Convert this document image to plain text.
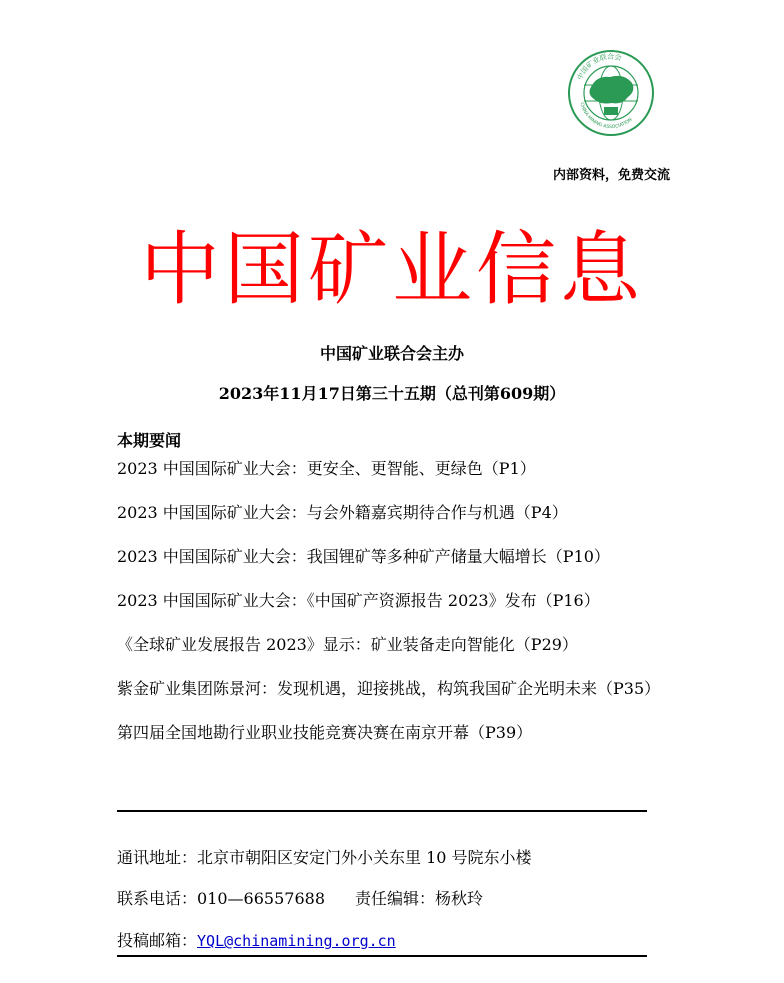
中国矿业联合会
CHINA MINING ASSOCIATION
内部资料，免费交流
中国矿业信息
中国矿业联合会主办
2023年11月17日第三十五期（总刊第609期）
本期要闻
2023 中国国际矿业大会：更安全、更智能、更绿色（P1）
2023 中国国际矿业大会：与会外籍嘉宾期待合作与机遇（P4）
2023 中国国际矿业大会：我国锂矿等多种矿产储量大幅增长（P10）
2023 中国国际矿业大会：《中国矿产资源报告 2023》发布（P16）
《全球矿业发展报告 2023》显示：矿业装备走向智能化（P29）
紫金矿业集团陈景河：发现机遇，迎接挑战，构筑我国矿企光明未来（P35）
第四届全国地勘行业职业技能竞赛决赛在南京开幕（P39）
通讯地址：北京市朝阳区安定门外小关东里 10 号院东小楼
联系电话：010—66557688 责任编辑：杨秋玲
投稿邮箱：YQL@chinamining.org.cn
